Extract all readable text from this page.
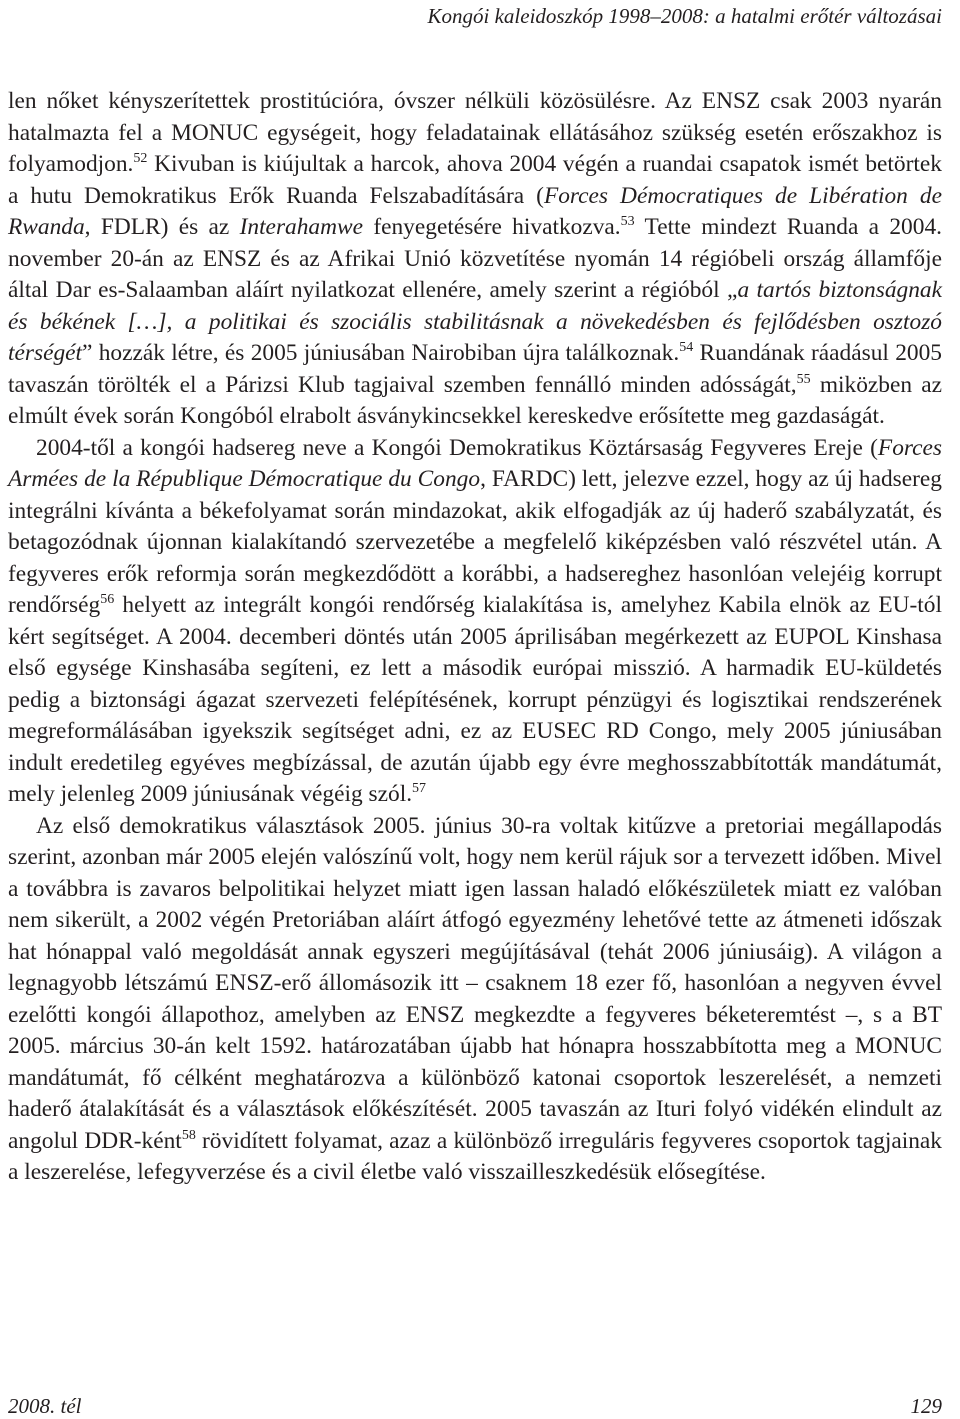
Kongói kaleidoszkóp 1998–2008: a hatalmi erőtér változásai

len nőket kényszerítettek prostitúcióra, óvszer nélküli közösülésre. Az ENSZ csak 2003 nyarán hatalmazta fel a MONUC egységeit, hogy feladatainak ellátásához szükség esetén erőszakhoz is folyamodjon.$^{52}$ Kivuban is kiújultak a harcok, ahova 2004 végén a ruandai csapatok ismét betörtek a hutu Demokratikus Erők Ruanda Felszabadítására (Forces Démocratiques de Libération de Rwanda, FDLR) és az Interahamwe fenyegetésére hivatkozva.$^{53}$ Tette mindezt Ruanda a 2004. november 20-án az ENSZ és az Afrikai Unió közvetítése nyomán 14 régióbeli ország államfője által Dar es-Salaamban aláírt nyilatkozat ellenére, amely szerint a régióból „a tartós biztonságnak és békének […], a politikai és szociális stabilitásnak a növekedésben és fejlődésben osztozó térségét” hozzák létre, és 2005 júniusában Nairobiban újra találkoznak.$^{54}$ Ruandának ráadásul 2005 tavaszán törölték el a Párizsi Klub tagjaival szemben fennálló minden adósságát,$^{55}$ miközben az elmúlt évek során Kongóból elrabolt ásványkincsekkel kereskedve erősítette meg gazdaságát.

2004-től a kongói hadsereg neve a Kongói Demokratikus Köztársaság Fegyveres Ereje (Forces Armées de la République Démocratique du Congo, FARDC) lett, jelezve ezzel, hogy az új hadsereg integrálni kívánta a békefolyamat során mindazokat, akik elfogadják az új haderő szabályzatát, és betagozódnak újonnan kialakítandó szervezetébe a megfelelő kiképzésben való részvétel után. A fegyveres erők reformja során megkezdődött a korábbi, a hadsereghez hasonlóan velejéig korrupt rendőrség$^{56}$ helyett az integrált kongói rendőrség kialakítása is, amelyhez Kabila elnök az EU-tól kért segítséget. A 2004. decemberi döntés után 2005 áprilisában megérkezett az EUPOL Kinshasa első egysége Kinshasába segíteni, ez lett a második európai misszió. A harmadik EU-küldetés pedig a biztonsági ágazat szervezeti felépítésének, korrupt pénzügyi és logisztikai rendszerének megreformálásában igyekszik segítséget adni, ez az EUSEC RD Congo, mely 2005 júniusában indult eredetileg egyéves megbízással, de azután újabb egy évre meghosszabbították mandátumát, mely jelenleg 2009 júniusának végéig szól.$^{57}$

Az első demokratikus választások 2005. június 30-ra voltak kitűzve a pretoriai megállapodás szerint, azonban már 2005 elején valószínű volt, hogy nem kerül rájuk sor a tervezett időben. Mivel a továbbra is zavaros belpolitikai helyzet miatt igen lassan haladó előkészületek miatt ez valóban nem sikerült, a 2002 végén Pretoriában aláírt átfogó egyezmény lehetővé tette az átmeneti időszak hat hónappal való megoldását annak egyszeri megújításával (tehát 2006 júniusáig). A világon a legnagyobb létszámú ENSZ-erő állomásozik itt – csaknem 18 ezer fő, hasonlóan a negyven évvel ezelőtti kongói állapothoz, amelyben az ENSZ megkezdte a fegyveres béketeremtést –, s a BT 2005. március 30-án kelt 1592. határozatában újabb hat hónapra hosszabbította meg a MONUC mandátumát, fő célként meghatározva a különböző katonai csoportok leszerelését, a nemzeti haderő átalakítását és a választások előkészítését. 2005 tavaszán az Ituri folyó vidékén elindult az angolul DDR-ként$^{58}$ rövidített folyamat, azaz a különböző irreguláris fegyveres csoportok tagjainak a leszerelése, lefegyverzése és a civil életbe való visszailleszkedésük elősegítése.

2008. tél	129
